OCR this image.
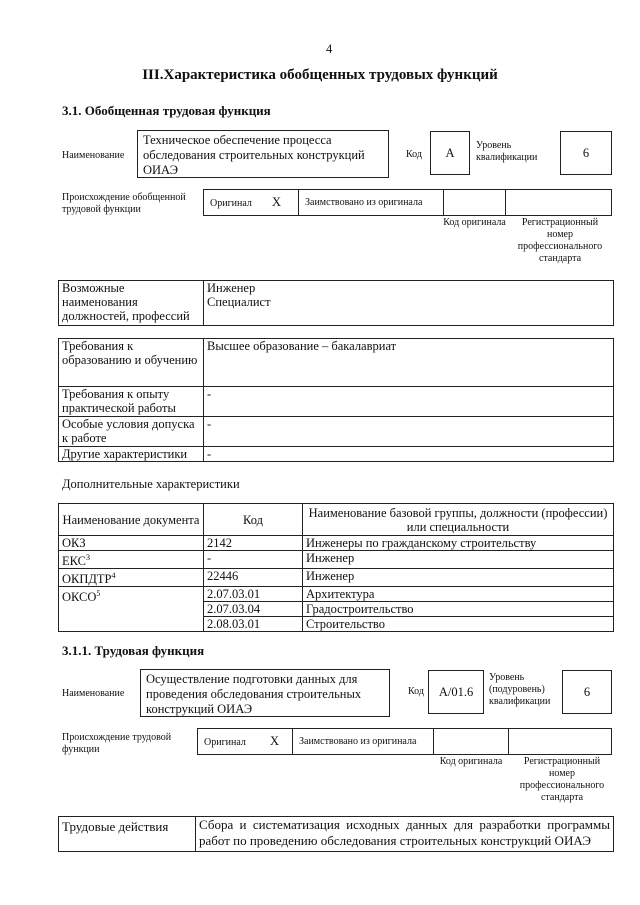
4
III.Характеристика обобщенных трудовых функций
3.1. Обобщенная трудовая функция
Наименование
Техническое обеспечение процесса обследования строительных конструкций ОИАЭ
Код	А
Уровень квалификации	6
Происхождение обобщенной трудовой функции
Оригинал Х Заимствовано из оригинала
Код оригинала	Регистрационный номер профессионального стандарта
Возможные наименования должностей, профессий	
Инженер
Специалист
Требования к образованию и обучению	Высшее образование – бакалавриат
Требования к опыту практической работы	-
Особые условия допуска к работе	-
Другие характеристики	-
Дополнительные характеристики
Наименование документа	Код	Наименование базовой группы, должности (профессии) или специальности
ОКЗ	2142	Инженеры по гражданскому строительству
ЕКС$^3$	-	Инженер
ОКПДТР$^4$	22446	Инженер
ОКСО$^5$	2.07.03.01	Архитектура
	2.07.03.04	Градостроительство
	2.08.03.01	Строительство
3.1.1. Трудовая функция
Наименование
Осуществление подготовки данных для проведения обследования строительных конструкций ОИАЭ
Код	А/01.6
Уровень (подуровень) квалификации
6
Происхождение трудовой функции
Оригинал Х Заимствовано из оригинала
Код оригинала	Регистрационный номер профессионального стандарта
Трудовые действия	Сбора и систематизация исходных данных для разработки программы работ по проведению обследования строительных конструкций ОИАЭ
